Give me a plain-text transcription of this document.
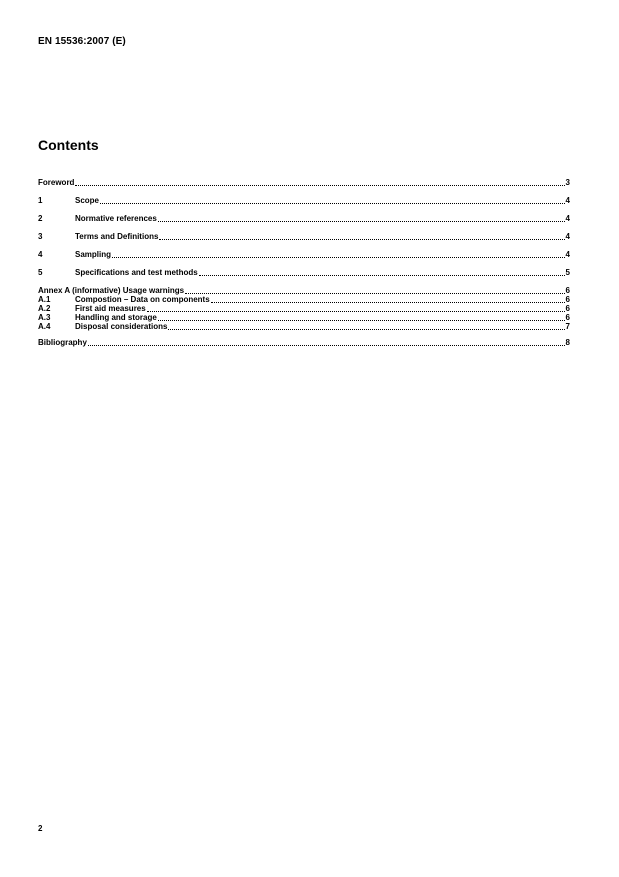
EN 15536:2007 (E)
Contents
Foreword	3
1	Scope	4
2	Normative references	4
3	Terms and Definitions	4
4	Sampling	4
5	Specifications and test methods	5
Annex A (informative) Usage warnings	6
A.1	Compostion – Data on components	6
A.2	First aid measures	6
A.3	Handling and storage	6
A.4	Disposal considerations	7
Bibliography	8
2
